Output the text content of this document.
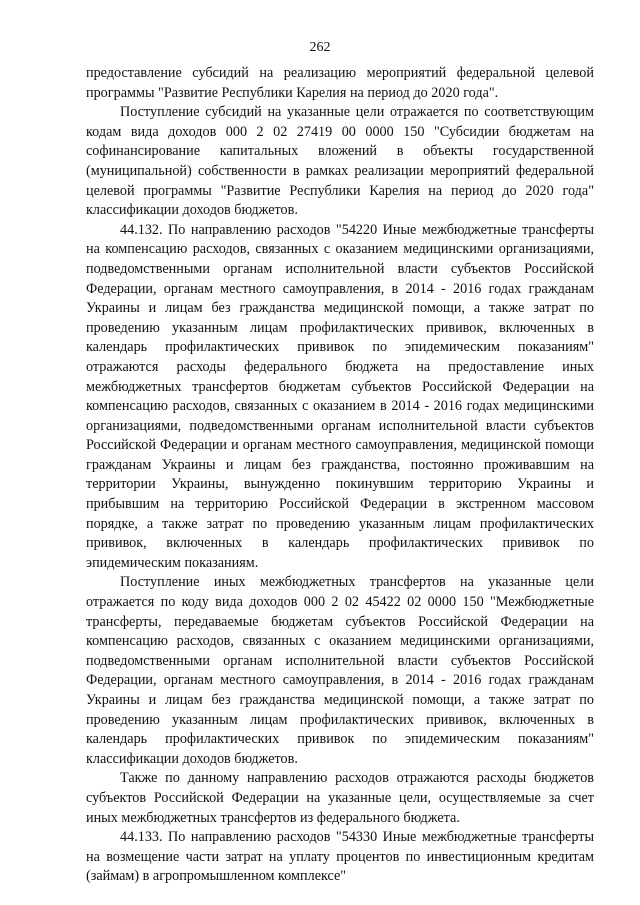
262

предоставление субсидий на реализацию мероприятий федеральной целевой программы "Развитие Республики Карелия на период до 2020 года".

Поступление субсидий на указанные цели отражается по соответствующим кодам вида доходов 000 2 02 27419 00 0000 150 "Субсидии бюджетам на софинансирование капитальных вложений в объекты государственной (муниципальной) собственности в рамках реализации мероприятий федеральной целевой программы "Развитие Республики Карелия на период до 2020 года" классификации доходов бюджетов.

44.132. По направлению расходов "54220 Иные межбюджетные трансферты на компенсацию расходов, связанных с оказанием медицинскими организациями, подведомственными органам исполнительной власти субъектов Российской Федерации, органам местного самоуправления, в 2014 - 2016 годах гражданам Украины и лицам без гражданства медицинской помощи, а также затрат по проведению указанным лицам профилактических прививок, включенных в календарь профилактических прививок по эпидемическим показаниям" отражаются расходы федерального бюджета на предоставление иных межбюджетных трансфертов бюджетам субъектов Российской Федерации на компенсацию расходов, связанных с оказанием в 2014 - 2016 годах медицинскими организациями, подведомственными органам исполнительной власти субъектов Российской Федерации и органам местного самоуправления, медицинской помощи гражданам Украины и лицам без гражданства, постоянно проживавшим на территории Украины, вынужденно покинувшим территорию Украины и прибывшим на территорию Российской Федерации в экстренном массовом порядке, а также затрат по проведению указанным лицам профилактических прививок, включенных в календарь профилактических прививок по эпидемическим показаниям.

Поступление иных межбюджетных трансфертов на указанные цели отражается по коду вида доходов 000 2 02 45422 02 0000 150 "Межбюджетные трансферты, передаваемые бюджетам субъектов Российской Федерации на компенсацию расходов, связанных с оказанием медицинскими организациями, подведомственными органам исполнительной власти субъектов Российской Федерации, органам местного самоуправления, в 2014 - 2016 годах гражданам Украины и лицам без гражданства медицинской помощи, а также затрат по проведению указанным лицам профилактических прививок, включенных в календарь профилактических прививок по эпидемическим показаниям" классификации доходов бюджетов.

Также по данному направлению расходов отражаются расходы бюджетов субъектов Российской Федерации на указанные цели, осуществляемые за счет иных межбюджетных трансфертов из федерального бюджета.

44.133. По направлению расходов "54330 Иные межбюджетные трансферты на возмещение части затрат на уплату процентов по инвестиционным кредитам (займам) в агропромышленном комплексе"
